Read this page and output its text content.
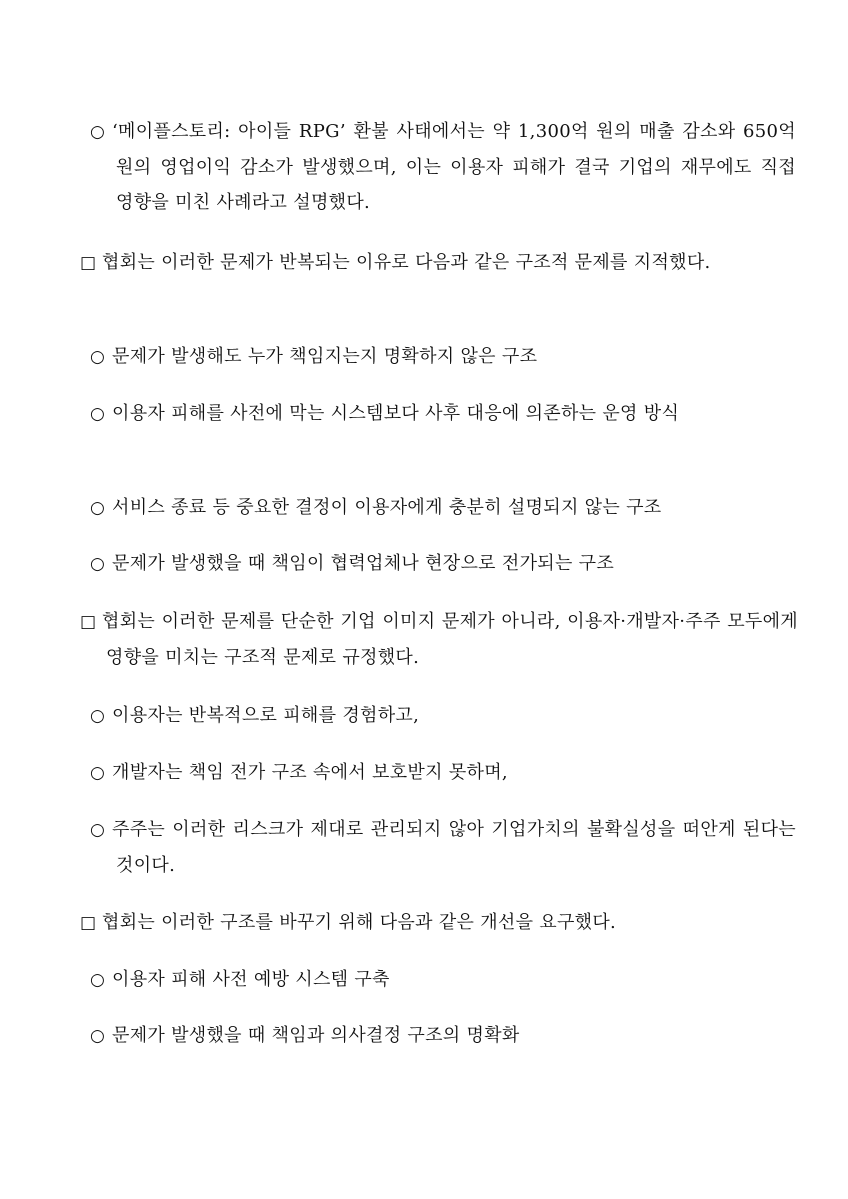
○ ‘메이플스토리: 아이들 RPG’ 환불 사태에서는 약 1,300억 원의 매출 감소와 650억 원의 영업이익 감소가 발생했으며, 이는 이용자 피해가 결국 기업의 재무에도 직접 영향을 미친 사례라고 설명했다.
□ 협회는 이러한 문제가 반복되는 이유로 다음과 같은 구조적 문제를 지적했다.
○ 문제가 발생해도 누가 책임지는지 명확하지 않은 구조
○ 이용자 피해를 사전에 막는 시스템보다 사후 대응에 의존하는 운영 방식
○ 서비스 종료 등 중요한 결정이 이용자에게 충분히 설명되지 않는 구조
○ 문제가 발생했을 때 책임이 협력업체나 현장으로 전가되는 구조
□ 협회는 이러한 문제를 단순한 기업 이미지 문제가 아니라, 이용자·개발자·주주 모두에게 영향을 미치는 구조적 문제로 규정했다.
○ 이용자는 반복적으로 피해를 경험하고,
○ 개발자는 책임 전가 구조 속에서 보호받지 못하며,
○ 주주는 이러한 리스크가 제대로 관리되지 않아 기업가치의 불확실성을 떠안게 된다는 것이다.
□ 협회는 이러한 구조를 바꾸기 위해 다음과 같은 개선을 요구했다.
○ 이용자 피해 사전 예방 시스템 구축
○ 문제가 발생했을 때 책임과 의사결정 구조의 명확화
